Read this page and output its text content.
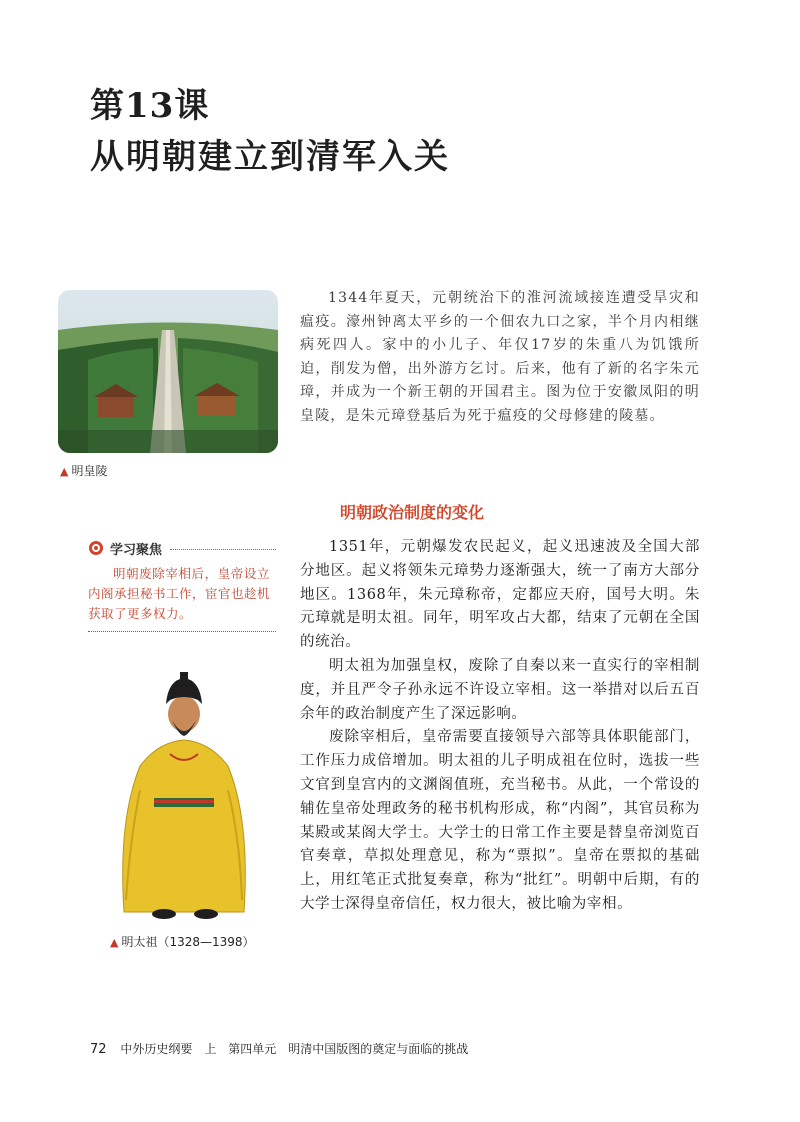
第13课
从明朝建立到清军入关
▲ 明皇陵

1344年夏天，元朝统治下的淮河流域接连遭受旱灾和瘟疫。濠州钟离太平乡的一个佃农九口之家，半个月内相继病死四人。家中的小儿子、年仅17岁的朱重八为饥饿所迫，削发为僧，出外游方乞讨。后来，他有了新的名字朱元璋，并成为一个新王朝的开国君主。图为位于安徽凤阳的明皇陵，是朱元璋登基后为死于瘟疫的父母修建的陵墓。

明朝政治制度的变化
学习聚焦

明朝废除宰相后，皇帝设立内阁承担秘书工作，宦官也趁机获取了更多权力。

1351年，元朝爆发农民起义，起义迅速波及全国大部分地区。起义将领朱元璋势力逐渐强大，统一了南方大部分地区。1368年，朱元璋称帝，定都应天府，国号大明。朱元璋就是明太祖。同年，明军攻占大都，结束了元朝在全国的统治。

明太祖为加强皇权，废除了自秦以来一直实行的宰相制度，并且严令子孙永远不许设立宰相。这一举措对以后五百余年的政治制度产生了深远影响。

废除宰相后，皇帝需要直接领导六部等具体职能部门，工作压力成倍增加。明太祖的儿子明成祖在位时，选拔一些文官到皇宫内的文渊阁值班，充当秘书。从此，一个常设的辅佐皇帝处理政务的秘书机构形成，称“内阁”，其官员称为某殿或某阁大学士。大学士的日常工作主要是替皇帝浏览百官奏章，草拟处理意见，称为“票拟”。皇帝在票拟的基础上，用红笔正式批复奏章，称为“批红”。明朝中后期，有的大学士深得皇帝信任，权力很大，被比喻为宰相。

▲ 明太祖（1328—1398）
72 中外历史纲要　上 第四单元　明清中国版图的奠定与面临的挑战
